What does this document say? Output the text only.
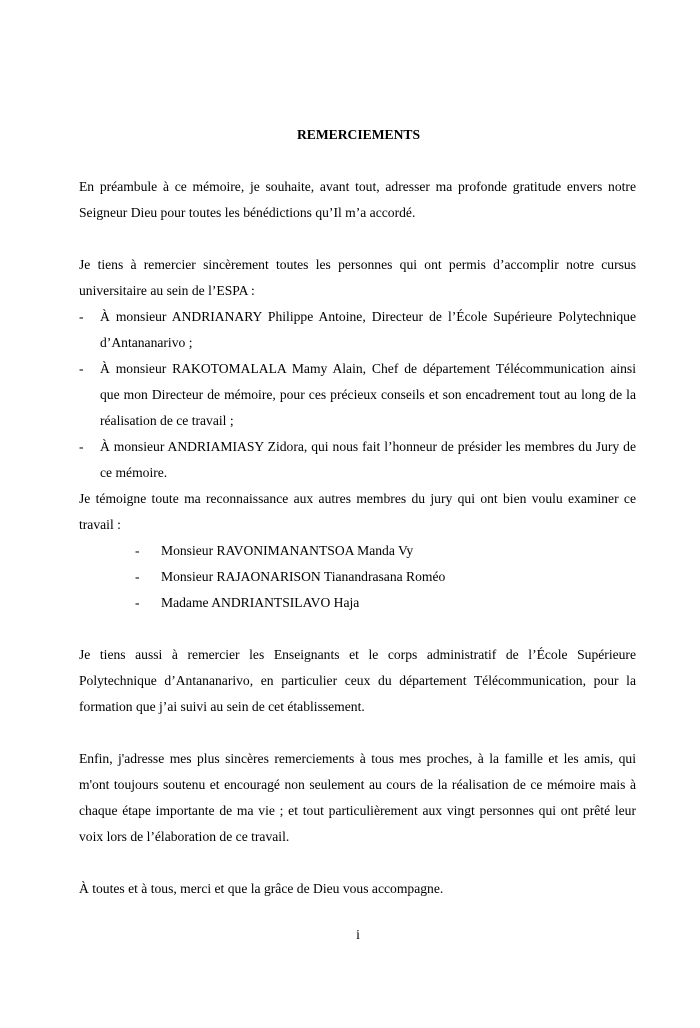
REMERCIEMENTS

En préambule à ce mémoire, je souhaite, avant tout, adresser ma profonde gratitude envers notre Seigneur Dieu pour toutes les bénédictions qu’Il m’a accordé.

Je tiens à remercier sincèrement toutes les personnes qui ont permis d’accomplir notre cursus universitaire au sein de l’ESPA :

- À monsieur ANDRIANARY Philippe Antoine, Directeur de l’École Supérieure Polytechnique d’Antananarivo ;
- À monsieur RAKOTOMALALA Mamy Alain, Chef de département Télécommunication ainsi que mon Directeur de mémoire, pour ces précieux conseils et son encadrement tout au long de la réalisation de ce travail ;
- À monsieur ANDRIAMIASY Zidora, qui nous fait l’honneur de présider les membres du Jury de ce mémoire.

Je témoigne toute ma reconnaissance aux autres membres du jury qui ont bien voulu examiner ce travail :

- Monsieur RAVONIMANANTSOA Manda Vy
- Monsieur RAJAONARISON Tianandrasana Roméo
- Madame ANDRIANTSILAVO Haja

Je tiens aussi à remercier les Enseignants et le corps administratif de l’École Supérieure Polytechnique d’Antananarivo, en particulier ceux du département Télécommunication, pour la formation que j’ai suivi au sein de cet établissement.

Enfin, j'adresse mes plus sincères remerciements à tous mes proches, à la famille et les amis, qui m'ont toujours soutenu et encouragé non seulement au cours de la réalisation de ce mémoire mais à chaque étape importante de ma vie ; et tout particulièrement aux vingt personnes qui ont prêté leur voix lors de l’élaboration de ce travail.

À toutes et à tous, merci et que la grâce de Dieu vous accompagne.

i
